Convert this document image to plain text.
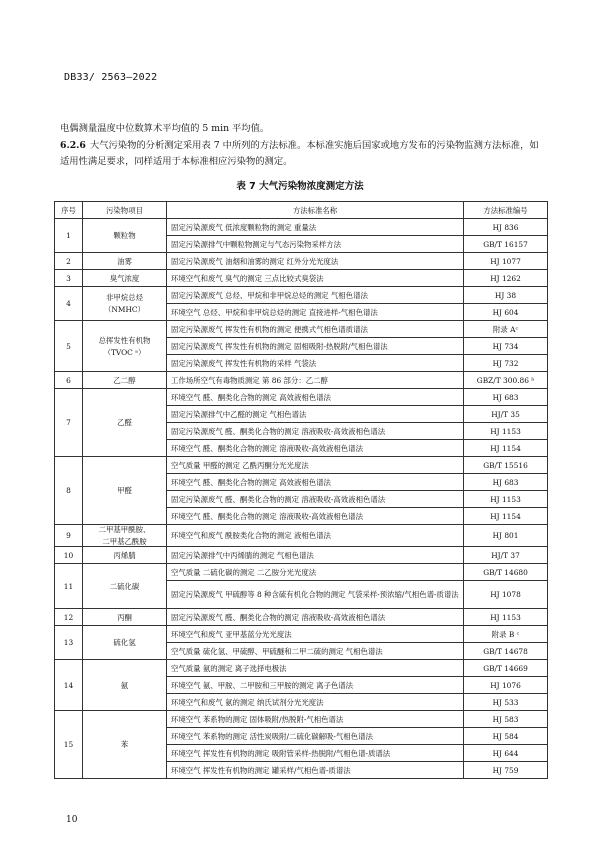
DB33/ 2563—2022
电偶测量温度中位数算术平均值的 5 min 平均值。
6.2.6 大气污染物的分析测定采用表 7 中所列的方法标准。本标准实施后国家或地方发布的污染物监测方法标准，如适用性满足要求，同样适用于本标准相应污染物的测定。
表 7 大气污染物浓度测定方法
序号	污染物项目	方法标准名称	方法标准编号
1	颗粒物	固定污染源废气 低浓度颗粒物的测定 重量法	HJ 836
		固定污染源排气中颗粒物测定与气态污染物采样方法	GB/T 16157
2	油雾	固定污染源废气 油烟和油雾的测定 红外分光光度法	HJ 1077
3	臭气浓度	环境空气和废气 臭气的测定 三点比较式臭袋法	HJ 1262
4	非甲烷总烃
（NMHC）	固定污染源废气 总烃、甲烷和非甲烷总烃的测定 气相色谱法	HJ 38
		环境空气 总烃、甲烷和非甲烷总烃的测定 直接进样-气相色谱法	HJ 604
5	总挥发性有机物
（TVOC ᵃ）	固定污染源废气 挥发性有机物的测定 便携式气相色谱质谱法	附录 Aᶜ
		固定污染源废气 挥发性有机物的测定 固相吸附-热脱附/气相色谱法	HJ 734
		固定污染源废气 挥发性有机物的采样 气袋法	HJ 732
6	乙二醇	工作场所空气有毒物质测定 第 86 部分：乙二醇	GBZ/T 300.86 ᵇ
7	乙醛	环境空气 醛、酮类化合物的测定 高效液相色谱法	HJ 683
		固定污染源排气中乙醛的测定 气相色谱法	HJ/T 35
		固定污染源废气 醛、酮类化合物的测定 溶液吸收-高效液相色谱法	HJ 1153
		环境空气 醛、酮类化合物的测定 溶液吸收-高效液相色谱法	HJ 1154
8	甲醛	空气质量 甲醛的测定 乙酰丙酮分光光度法	GB/T 15516
		环境空气 醛、酮类化合物的测定 高效液相色谱法	HJ 683
		固定污染源废气 醛、酮类化合物的测定 溶液吸收-高效液相色谱法	HJ 1153
		环境空气 醛、酮类化合物的测定 溶液吸收-高效液相色谱法	HJ 1154
9	二甲基甲酰胺、
二甲基乙酰胺	环境空气和废气 酰胺类化合物的测定 液相色谱法	HJ 801
10	丙烯腈	固定污染源排气中丙烯腈的测定 气相色谱法	HJ/T 37
11	二硫化碳	空气质量 二硫化碳的测定 二乙胺分光光度法	GB/T 14680
		固定污染源废气 甲硫醇等 8 种含硫有机化合物的测定 气袋采样-预浓缩/气相色谱-质谱法	HJ 1078
12	丙酮	固定污染源废气 醛、酮类化合物的测定 溶液吸收-高效液相色谱法	HJ 1153
13	硫化氢	环境空气和废气 亚甲基蓝分光光度法	附录 B ᶜ
		空气质量 硫化氢、甲硫醇、甲硫醚和二甲二硫的测定 气相色谱法	GB/T 14678
14	氨	空气质量 氨的测定 离子选择电极法	GB/T 14669
		环境空气 氨、甲胺、二甲胺和三甲胺的测定 离子色谱法	HJ 1076
		环境空气和废气 氨的测定 纳氏试剂分光光度法	HJ 533
15	苯	环境空气 苯系物的测定 固体吸附/热脱附-气相色谱法	HJ 583
		环境空气 苯系物的测定 活性炭吸附/二硫化碳解吸-气相色谱法	HJ 584
		环境空气 挥发性有机物的测定 吸附管采样-热脱附/气相色谱-质谱法	HJ 644
		环境空气 挥发性有机物的测定 罐采样/气相色谱-质谱法	HJ 759
10
